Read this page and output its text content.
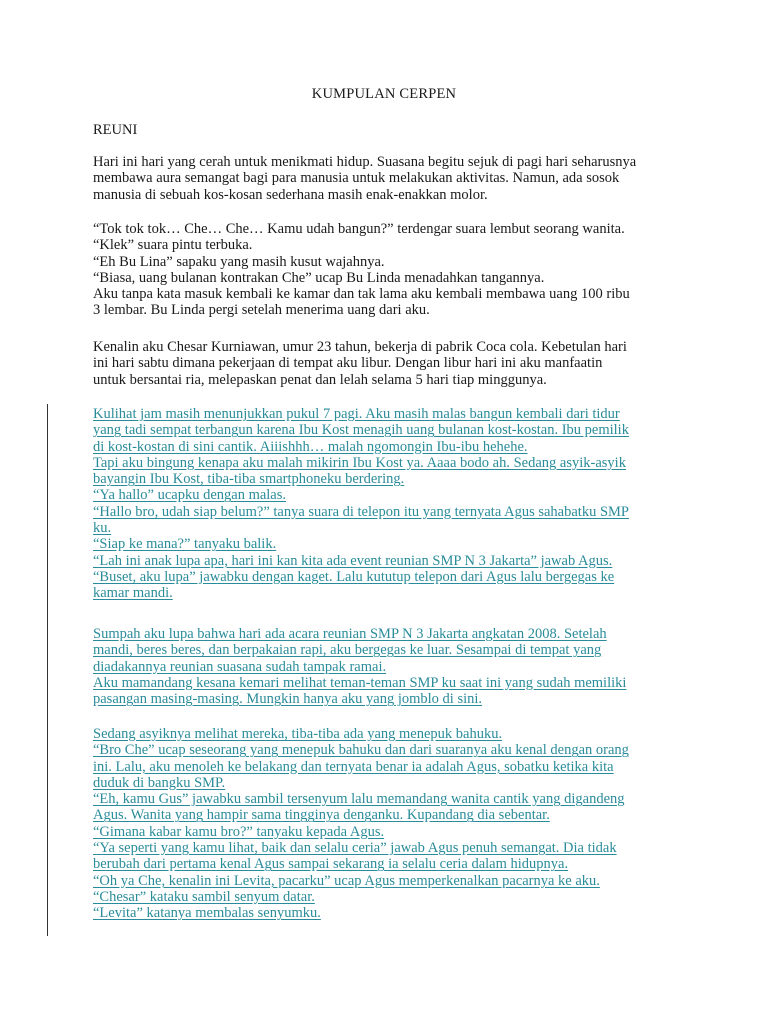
KUMPULAN CERPEN
REUNI
Hari ini hari yang cerah untuk menikmati hidup. Suasana begitu sejuk di pagi hari seharusnya
membawa aura semangat bagi para manusia untuk melakukan aktivitas. Namun, ada sosok
manusia di sebuah kos-kosan sederhana masih enak-enakkan molor.
“Tok tok tok… Che… Che… Kamu udah bangun?” terdengar suara lembut seorang wanita.
“Klek” suara pintu terbuka.
“Eh Bu Lina” sapaku yang masih kusut wajahnya.
“Biasa, uang bulanan kontrakan Che” ucap Bu Linda menadahkan tangannya.
Aku tanpa kata masuk kembali ke kamar dan tak lama aku kembali membawa uang 100 ribu
3 lembar. Bu Linda pergi setelah menerima uang dari aku.
Kenalin aku Chesar Kurniawan, umur 23 tahun, bekerja di pabrik Coca cola. Kebetulan hari
ini hari sabtu dimana pekerjaan di tempat aku libur. Dengan libur hari ini aku manfaatin
untuk bersantai ria, melepaskan penat dan lelah selama 5 hari tiap minggunya.
Kulihat jam masih menunjukkan pukul 7 pagi. Aku masih malas bangun kembali dari tidur
yang tadi sempat terbangun karena Ibu Kost menagih uang bulanan kost-kostan. Ibu pemilik
di kost-kostan di sini cantik. Aiiishhh… malah ngomongin Ibu-ibu hehehe.
Tapi aku bingung kenapa aku malah mikirin Ibu Kost ya. Aaaa bodo ah. Sedang asyik-asyik
bayangin Ibu Kost, tiba-tiba smartphoneku berdering.
“Ya hallo” ucapku dengan malas.
“Hallo bro, udah siap belum?” tanya suara di telepon itu yang ternyata Agus sahabatku SMP
ku.
“Siap ke mana?” tanyaku balik.
“Lah ini anak lupa apa, hari ini kan kita ada event reunian SMP N 3 Jakarta” jawab Agus.
“Buset, aku lupa” jawabku dengan kaget. Lalu kututup telepon dari Agus lalu bergegas ke
kamar mandi.
Sumpah aku lupa bahwa hari ada acara reunian SMP N 3 Jakarta angkatan 2008. Setelah
mandi, beres beres, dan berpakaian rapi, aku bergegas ke luar. Sesampai di tempat yang
diadakannya reunian suasana sudah tampak ramai.
Aku mamandang kesana kemari melihat teman-teman SMP ku saat ini yang sudah memiliki
pasangan masing-masing. Mungkin hanya aku yang jomblo di sini.
Sedang asyiknya melihat mereka, tiba-tiba ada yang menepuk bahuku.
“Bro Che” ucap seseorang yang menepuk bahuku dan dari suaranya aku kenal dengan orang
ini. Lalu, aku menoleh ke belakang dan ternyata benar ia adalah Agus, sobatku ketika kita
duduk di bangku SMP.
“Eh, kamu Gus” jawabku sambil tersenyum lalu memandang wanita cantik yang digandeng
Agus. Wanita yang hampir sama tingginya denganku. Kupandang dia sebentar.
“Gimana kabar kamu bro?” tanyaku kepada Agus.
“Ya seperti yang kamu lihat, baik dan selalu ceria” jawab Agus penuh semangat. Dia tidak
berubah dari pertama kenal Agus sampai sekarang ia selalu ceria dalam hidupnya.
“Oh ya Che, kenalin ini Levita, pacarku” ucap Agus memperkenalkan pacarnya ke aku.
“Chesar” kataku sambil senyum datar.
“Levita” katanya membalas senyumku.
